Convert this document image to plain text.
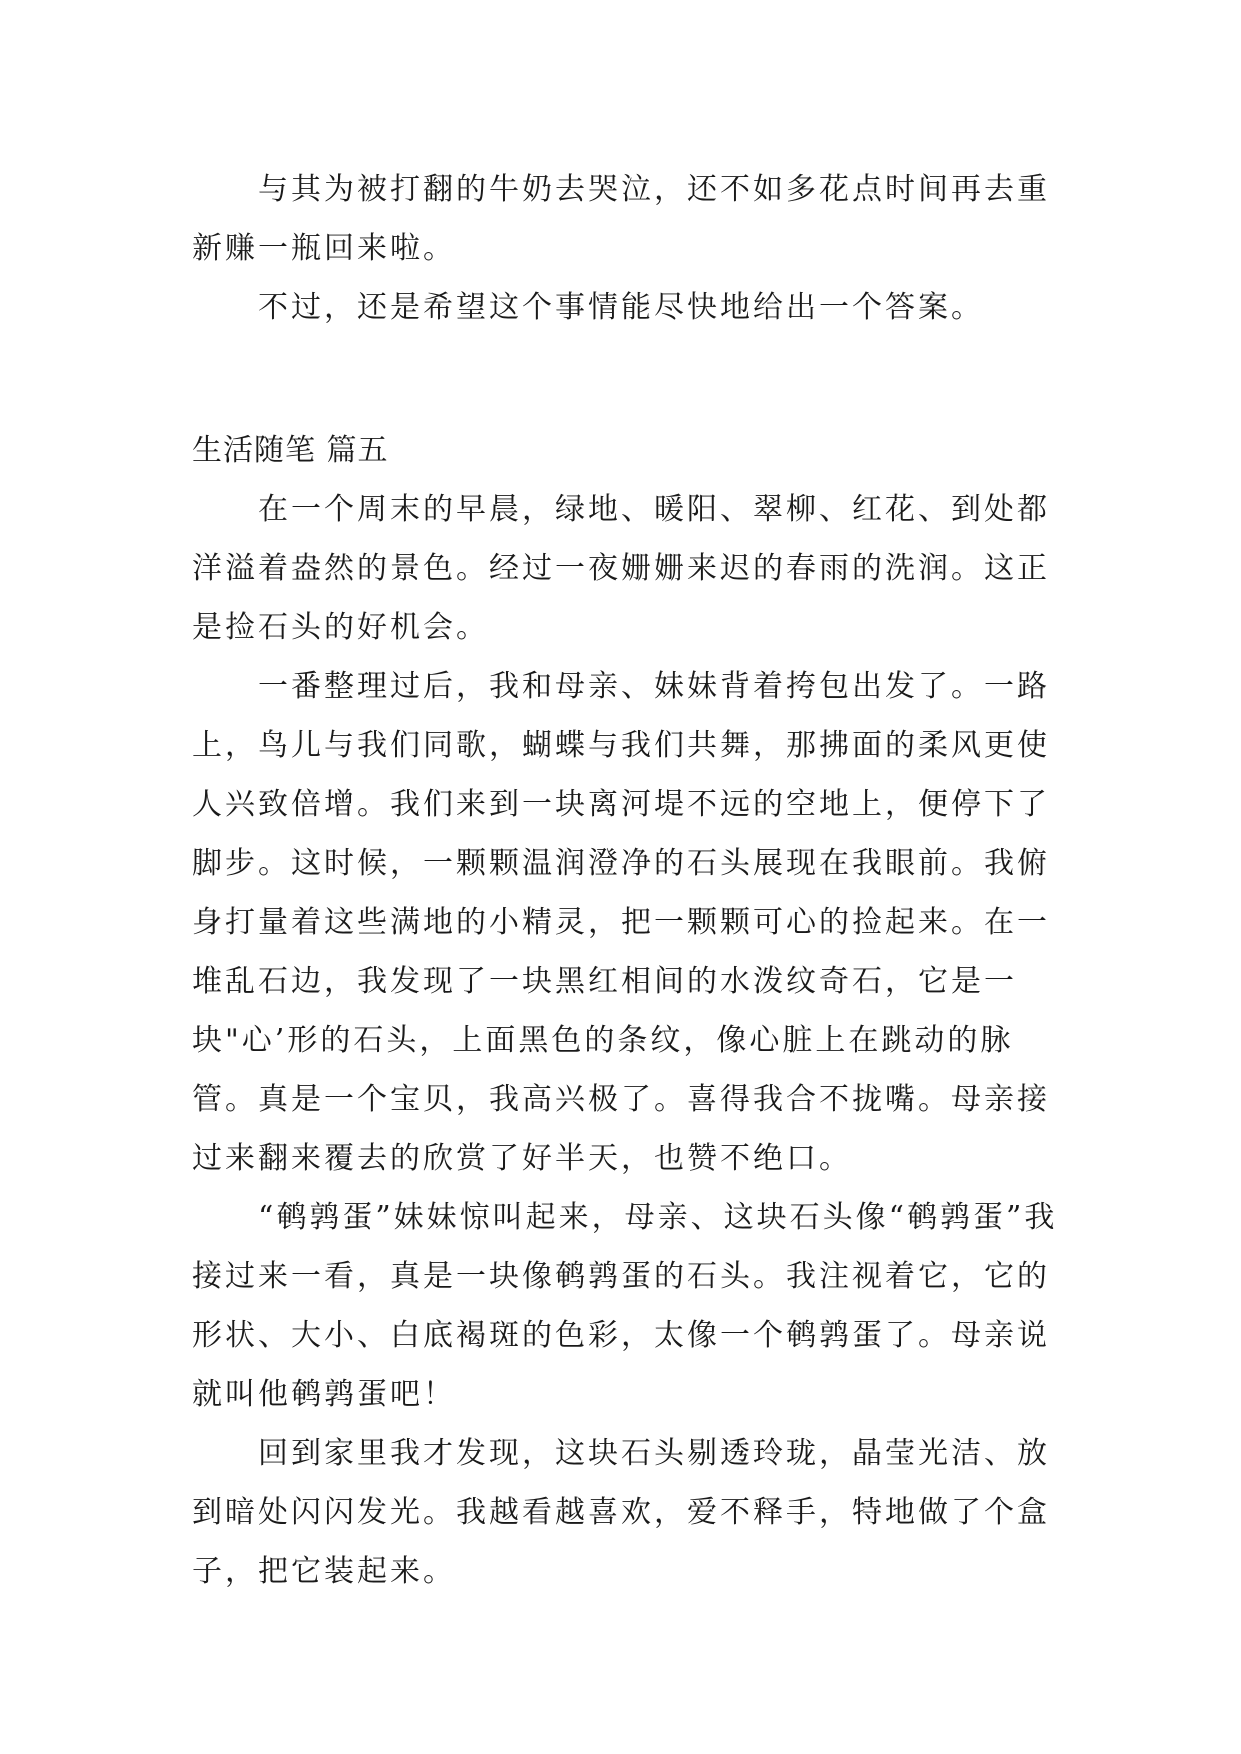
与其为被打翻的牛奶去哭泣，还不如多花点时间再去重新赚一瓶回来啦。

不过，还是希望这个事情能尽快地给出一个答案。

生活随笔 篇五

在一个周末的早晨，绿地、暖阳、翠柳、红花、到处都洋溢着盎然的景色。经过一夜姗姗来迟的春雨的洗润。这正是捡石头的好机会。

一番整理过后，我和母亲、妹妹背着挎包出发了。一路上，鸟儿与我们同歌，蝴蝶与我们共舞，那拂面的柔风更使人兴致倍增。我们来到一块离河堤不远的空地上，便停下了脚步。这时候，一颗颗温润澄净的石头展现在我眼前。我俯身打量着这些满地的小精灵，把一颗颗可心的捡起来。在一堆乱石边，我发现了一块黑红相间的水泼纹奇石，它是一块"心’形的石头，上面黑色的条纹，像心脏上在跳动的脉管。真是一个宝贝，我高兴极了。喜得我合不拢嘴。母亲接过来翻来覆去的欣赏了好半天，也赞不绝口。

“鹌鹑蛋”妹妹惊叫起来，母亲、这块石头像“鹌鹑蛋”我接过来一看，真是一块像鹌鹑蛋的石头。我注视着它，它的形状、大小、白底褐斑的色彩，太像一个鹌鹑蛋了。母亲说就叫他鹌鹑蛋吧！

回到家里我才发现，这块石头剔透玲珑，晶莹光洁、放到暗处闪闪发光。我越看越喜欢，爱不释手，特地做了个盒子，把它装起来。
